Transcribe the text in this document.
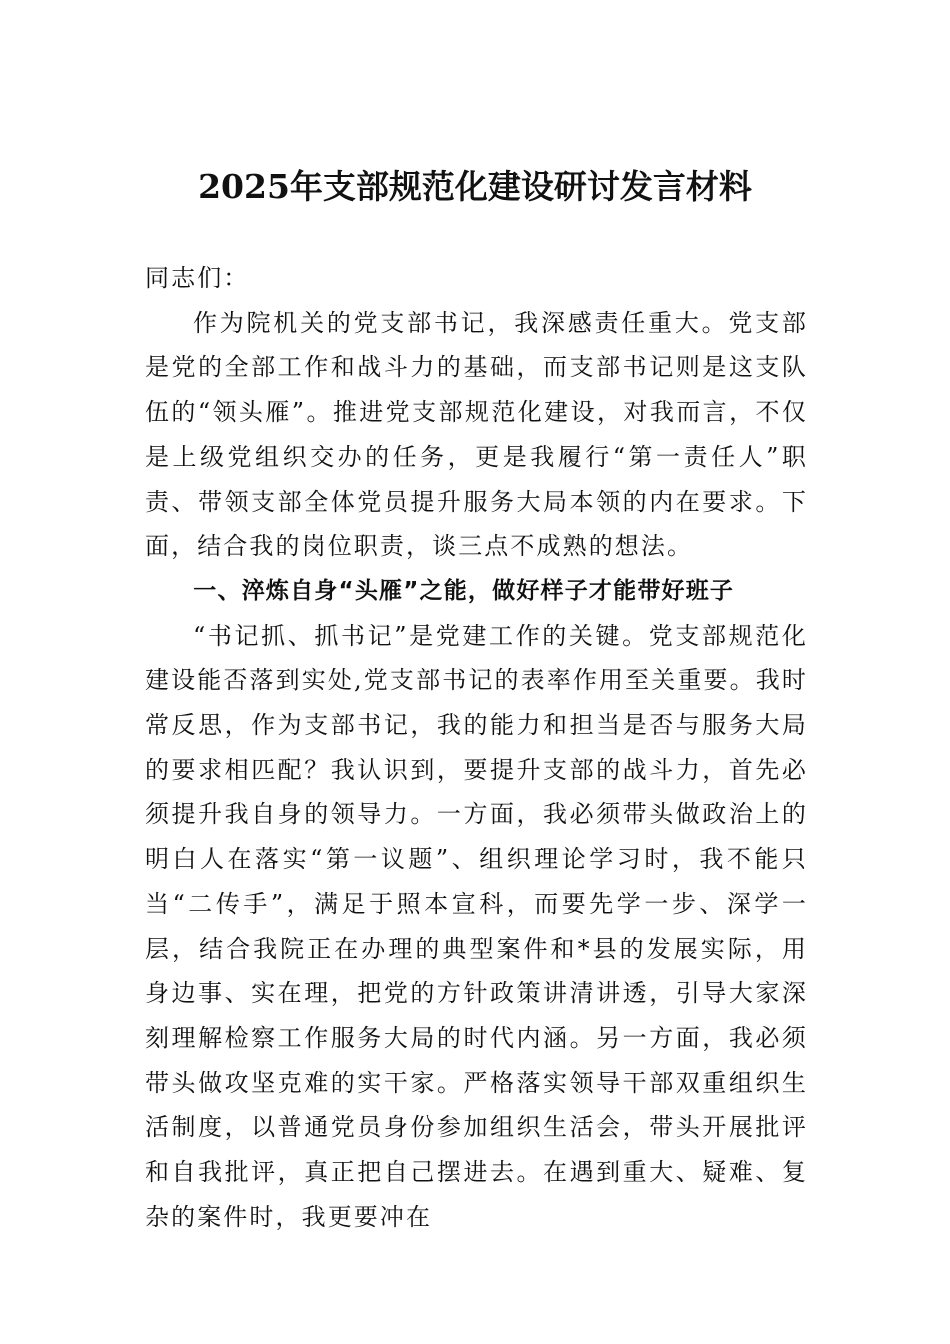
2025年支部规范化建设研讨发言材料

同志们：

作为院机关的党支部书记，我深感责任重大。党支部是党的全部工作和战斗力的基础，而支部书记则是这支队伍的“领头雁”。推进党支部规范化建设，对我而言，不仅是上级党组织交办的任务，更是我履行“第一责任人”职责、带领支部全体党员提升服务大局本领的内在要求。下面，结合我的岗位职责，谈三点不成熟的想法。

一、淬炼自身“头雁”之能，做好样子才能带好班子

“书记抓、抓书记”是党建工作的关键。党支部规范化建设能否落到实处,党支部书记的表率作用至关重要。我时常反思，作为支部书记，我的能力和担当是否与服务大局的要求相匹配？我认识到，要提升支部的战斗力，首先必须提升我自身的领导力。一方面，我必须带头做政治上的明白人在落实“第一议题”、组织理论学习时，我不能只当“二传手”，满足于照本宣科，而要先学一步、深学一层，结合我院正在办理的典型案件和*县的发展实际，用身边事、实在理，把党的方针政策讲清讲透，引导大家深刻理解检察工作服务大局的时代内涵。另一方面，我必须带头做攻坚克难的实干家。严格落实领导干部双重组织生活制度，以普通党员身份参加组织生活会，带头开展批评和自我批评，真正把自己摆进去。在遇到重大、疑难、复杂的案件时，我更要冲在
